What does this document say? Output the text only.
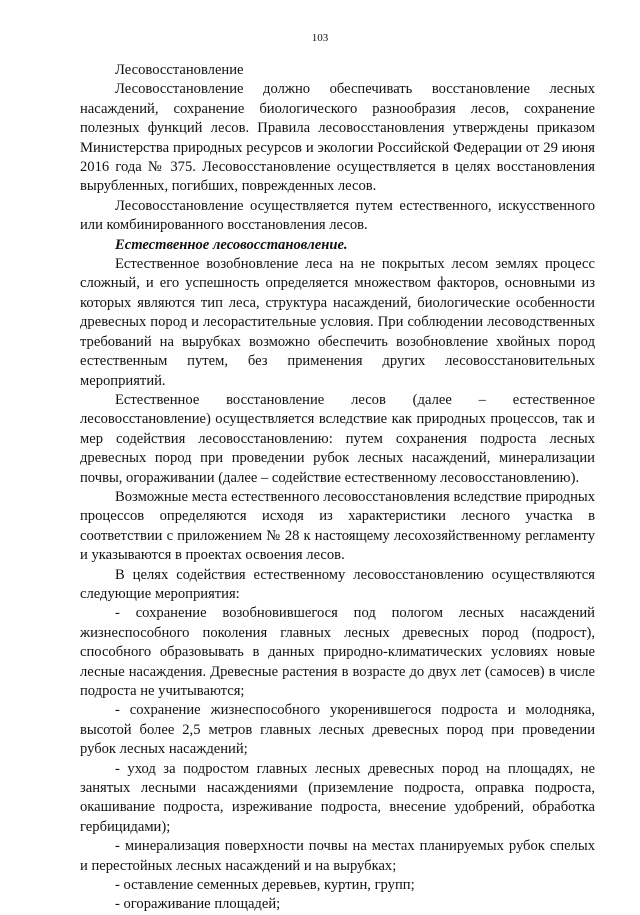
103

Лесовосстановление

Лесовосстановление должно обеспечивать восстановление лесных насаждений, сохранение биологического разнообразия лесов, сохранение полезных функций лесов. Правила лесовосстановления утверждены приказом Министерства природных ресурсов и экологии Российской Федерации от 29 июня 2016 года № 375. Лесовосстановление осуществляется в целях восстановления вырубленных, погибших, поврежденных лесов.

Лесовосстановление осуществляется путем естественного, искусственного или комбинированного восстановления лесов.

Естественное лесовосстановление.

Естественное возобновление леса на не покрытых лесом землях процесс сложный, и его успешность определяется множеством факторов, основными из которых являются тип леса, структура насаждений, биологические особенности древесных пород и лесорастительные условия. При соблюдении лесоводственных требований на вырубках возможно обеспечить возобновление хвойных пород естественным путем, без применения других лесовосстановительных мероприятий.

Естественное восстановление лесов (далее – естественное лесовосстановление) осуществляется вследствие как природных процессов, так и мер содействия лесовосстановлению: путем сохранения подроста лесных древесных пород при проведении рубок лесных насаждений, минерализации почвы, огораживании (далее – содействие естественному лесовосстановлению).

Возможные места естественного лесовосстановления вследствие природных процессов определяются исходя из характеристики лесного участка в соответствии с приложением № 28 к настоящему лесохозяйственному регламенту и указываются в проектах освоения лесов.

В целях содействия естественному лесовосстановлению осуществляются следующие мероприятия:

- сохранение возобновившегося под пологом лесных насаждений жизнеспособного поколения главных лесных древесных пород (подрост), способного образовывать в данных природно-климатических условиях новые лесные насаждения. Древесные растения в возрасте до двух лет (самосев) в числе подроста не учитываются;

- сохранение жизнеспособного укоренившегося подроста и молодняка, высотой более 2,5 метров главных лесных древесных пород при проведении рубок лесных насаждений;

- уход за подростом главных лесных древесных пород на площадях, не занятых лесными насаждениями (приземление подроста, оправка подроста, окашивание подроста, изреживание подроста, внесение удобрений, обработка гербицидами);

- минерализация поверхности почвы на местах планируемых рубок спелых и перестойных лесных насаждений и на вырубках;

- оставление семенных деревьев, куртин, групп;

- огораживание площадей;
